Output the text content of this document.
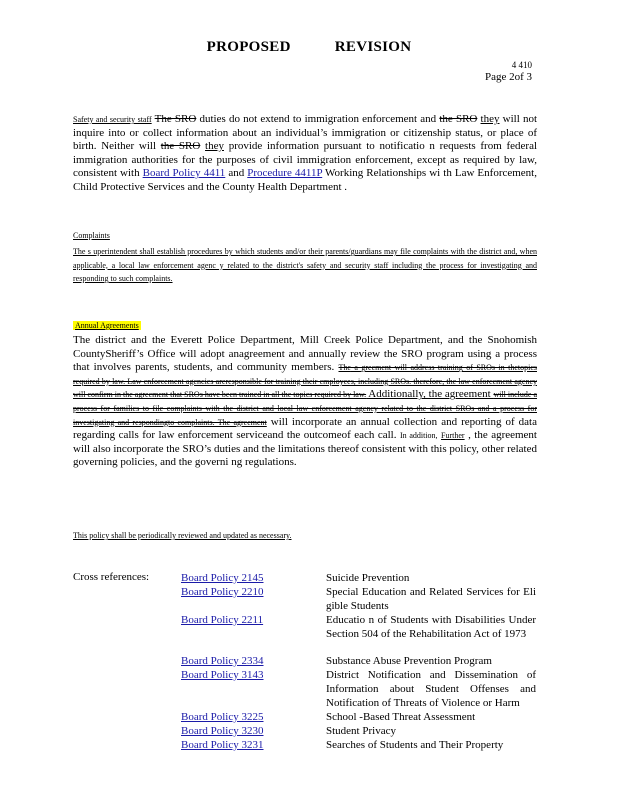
PROPOSED REVISION
4 410
Page 2of 3
Safety and security staff The SRO duties do not extend to immigration enforcement and the SRO they will not inquire into or collect information about an individual’s immigration or citizenship status, or place of birth. Neither will the SRO they provide information pursuant to notificatio n requests from federal immigration authorities for the purposes of civil immigration enforcement, except as required by law, consistent with Board Policy 4411 and Procedure 4411P Working Relationships wi th Law Enforcement, Child Protective Services and the County Health Department .
Complaints
The s uperintendent shall establish procedures by which students and/or their parents/guardians may file complaints with the district and, when applicable, a local law enforcement agenc y related to the district's safety and security staff including the process for investigating and responding to such complaints.
Annual Agreements
The district and the Everett Police Department, Mill Creek Police Department, and the Snohomish CountySheriff’s Office will adopt anagreement and annually review the SRO program using a process that involves parents, students, and community members. The a greement will address training of SROs in thetopics required by law. Law enforcement agencies areresponsible for training their employees, including SROs. therefore, the law enforcement agency will confirm in the agreement that SROs have been trained in all the topics required by law. Additionally, the agreement will include a process for families to file complaints with the district and local law enforcement agency related to the district SROs and a process for investigating and respondingto complaints. The agreement will incorporate an annual collection and reporting of data regarding calls for law enforcement serviceand the outcomeof each call. In addition, Further , the agreement will also incorporate the SRO’s duties and the limitations thereof consistent with this policy, other related governing policies, and the governi ng regulations.
This policy shall be periodically reviewed and updated as necessary.
Cross references:	Board Policy 2145	Suicide Prevention
Board Policy 2210	Special Education and Related Services for Eli gible Students
Board Policy 2211	Educatio n of Students with Disabilities Under Section 504 of the Rehabilitation Act of 1973
Board Policy 2334	Substance Abuse Prevention Program
Board Policy 3143	District Notification and Dissemination of Information about Student Offenses and Notification of Threats of Violence or Harm
Board Policy 3225	School -Based Threat Assessment
Board Policy 3230	Student Privacy
Board Policy 3231	Searches of Students and Their Property
